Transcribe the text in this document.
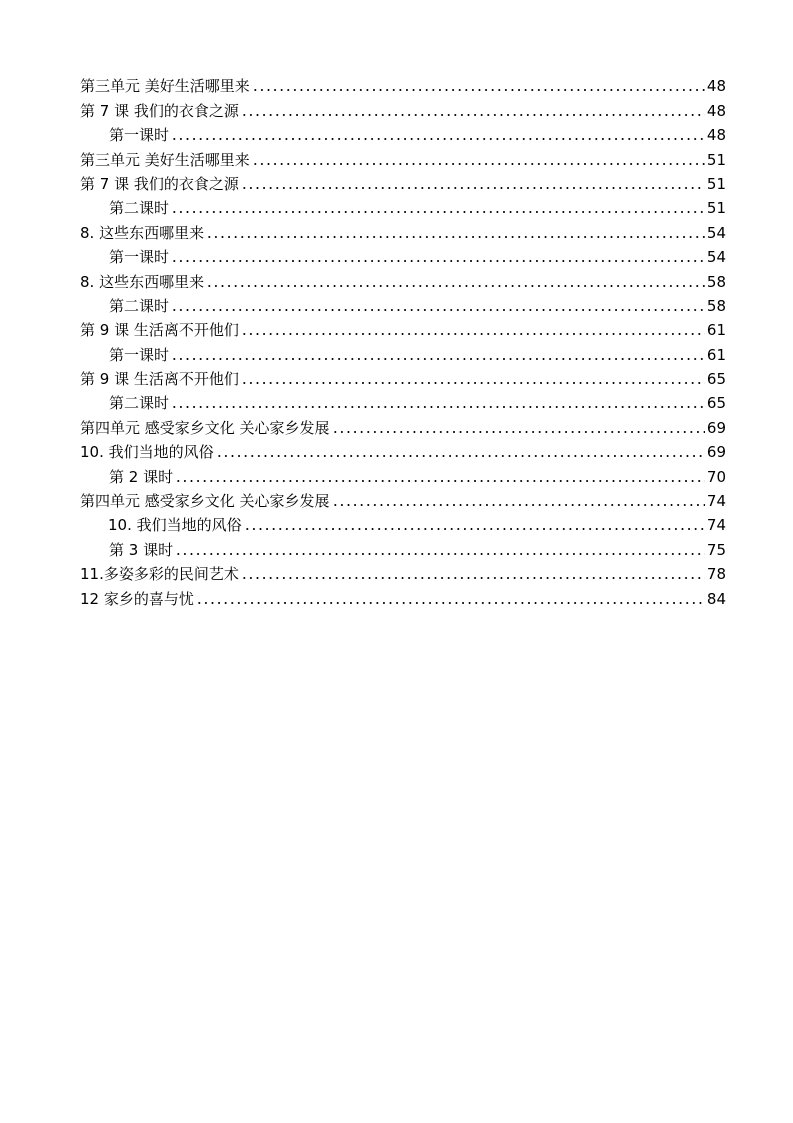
第三单元 美好生活哪里来	48
第 7 课 我们的衣食之源	48
第一课时	48
第三单元 美好生活哪里来	51
第 7 课 我们的衣食之源	51
第二课时	51
8. 这些东西哪里来	54
第一课时	54
8. 这些东西哪里来	58
第二课时	58
第 9 课 生活离不开他们	61
第一课时	61
第 9 课 生活离不开他们	65
第二课时	65
第四单元 感受家乡文化 关心家乡发展	69
10. 我们当地的风俗	69
第 2 课时	70
第四单元 感受家乡文化 关心家乡发展	74
10. 我们当地的风俗	74
第 3 课时	75
11.多姿多彩的民间艺术	78
12 家乡的喜与忧	84
